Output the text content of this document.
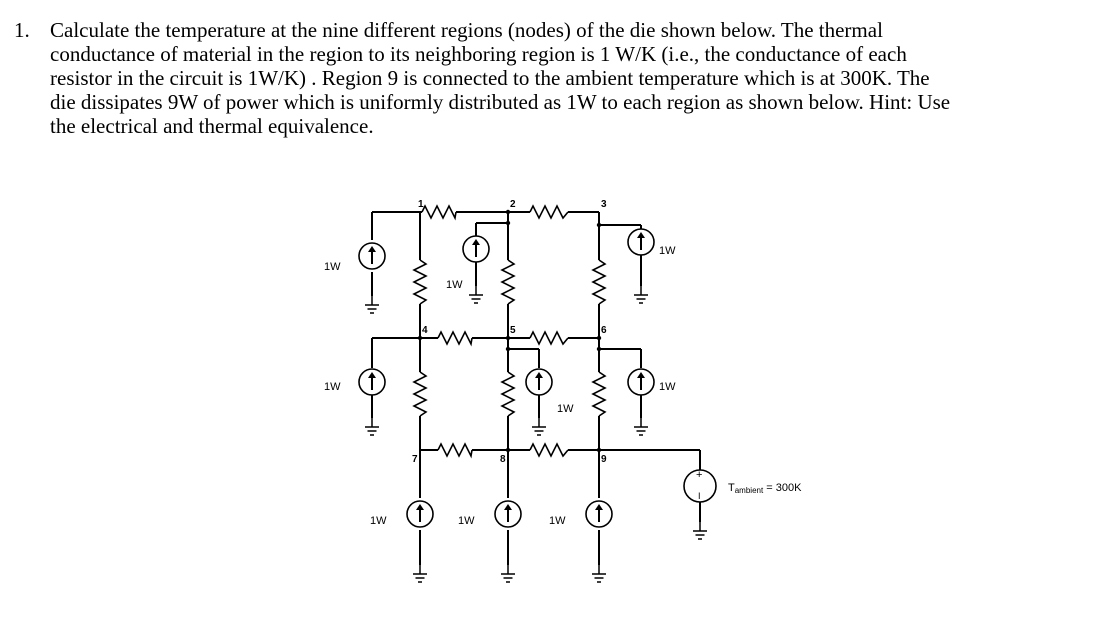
1. Calculate the temperature at the nine different regions (nodes) of the die shown below. The thermal
conductance of material in the region to its neighboring region is 1 W/K (i.e., the conductance of each
resistor in the circuit is 1W/K) . Region 9 is connected to the ambient temperature which is at 300K. The
die dissipates 9W of power which is uniformly distributed as 1W to each region as shown below. Hint: Use
the electrical and thermal equivalence.
+
I
Tambient = 300K
1W
1W
1W
1W
1W
1W
1W	1W	1W
1	2	3
4	5	6
7	8	9
